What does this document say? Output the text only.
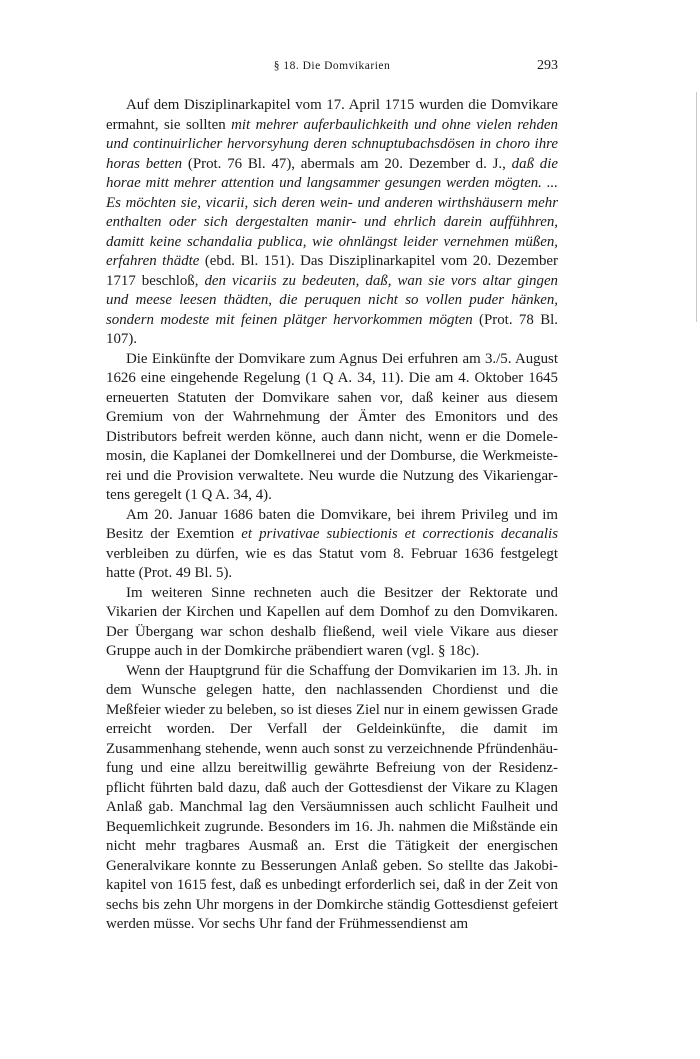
§ 18. Die Domvikarien	293

Auf dem Disziplinarkapitel vom 17. April 1715 wurden die Domvikare ermahnt, sie sollten mit mehrer auferbaulichkeith und ohne vielen rehden und continuirlicher hervorsyhung deren schnuptubachsdösen in choro ihre horas betten (Prot. 76 Bl. 47), abermals am 20. Dezember d. J., daß die horae mitt mehrer attention und langsammer gesungen werden mögten. ... Es möchten sie, vicarii, sich deren wein- und anderen wirthshäusern mehr enthalten oder sich dergestalten manir- und ehrlich darein auffühhren, damitt keine schandalia publica, wie ohnlängst leider vernehmen müßen, erfahren thädte (ebd. Bl. 151). Das Disziplinarkapitel vom 20. Dezember 1717 beschloß, den vicariis zu bedeuten, daß, wan sie vors altar gingen und meese leesen thädten, die peruquen nicht so vollen puder hänken, sondern modeste mit feinen plätger hervorkommen mögten (Prot. 78 Bl. 107).

Die Einkünfte der Domvikare zum Agnus Dei erfuhren am 3./5. August 1626 eine eingehende Regelung (1 Q A. 34, 11). Die am 4. Oktober 1645 erneuerten Statuten der Domvikare sahen vor, daß keiner aus diesem Gremium von der Wahrnehmung der Ämter des Emonitors und des Distributors befreit werden könne, auch dann nicht, wenn er die Domelemosin, die Kaplanei der Domkellnerei und der Domburse, die Werkmeisterei und die Provision verwaltete. Neu wurde die Nutzung des Vikariengartens geregelt (1 Q A. 34, 4).

Am 20. Januar 1686 baten die Domvikare, bei ihrem Privileg und im Besitz der Exemtion et privativae subiectionis et correctionis decanalis verbleiben zu dürfen, wie es das Statut vom 8. Februar 1636 festgelegt hatte (Prot. 49 Bl. 5).

Im weiteren Sinne rechneten auch die Besitzer der Rektorate und Vikarien der Kirchen und Kapellen auf dem Domhof zu den Domvikaren. Der Übergang war schon deshalb fließend, weil viele Vikare aus dieser Gruppe auch in der Domkirche präbendiert waren (vgl. § 18c).

Wenn der Hauptgrund für die Schaffung der Domvikarien im 13. Jh. in dem Wunsche gelegen hatte, den nachlassenden Chordienst und die Meßfeier wieder zu beleben, so ist dieses Ziel nur in einem gewissen Grade erreicht worden. Der Verfall der Geldeinkünfte, die damit im Zusammenhang stehende, wenn auch sonst zu verzeichnende Pfründenhäufung und eine allzu bereitwillig gewährte Befreiung von der Residenzpflicht führten bald dazu, daß auch der Gottesdienst der Vikare zu Klagen Anlaß gab. Manchmal lag den Versäumnissen auch schlicht Faulheit und Bequemlichkeit zugrunde. Besonders im 16. Jh. nahmen die Mißstände ein nicht mehr tragbares Ausmaß an. Erst die Tätigkeit der energischen Generalvikare konnte zu Besserungen Anlaß geben. So stellte das Jakobikapitel von 1615 fest, daß es unbedingt erforderlich sei, daß in der Zeit von sechs bis zehn Uhr morgens in der Domkirche ständig Gottesdienst gefeiert werden müsse. Vor sechs Uhr fand der Frühmessendienst am
